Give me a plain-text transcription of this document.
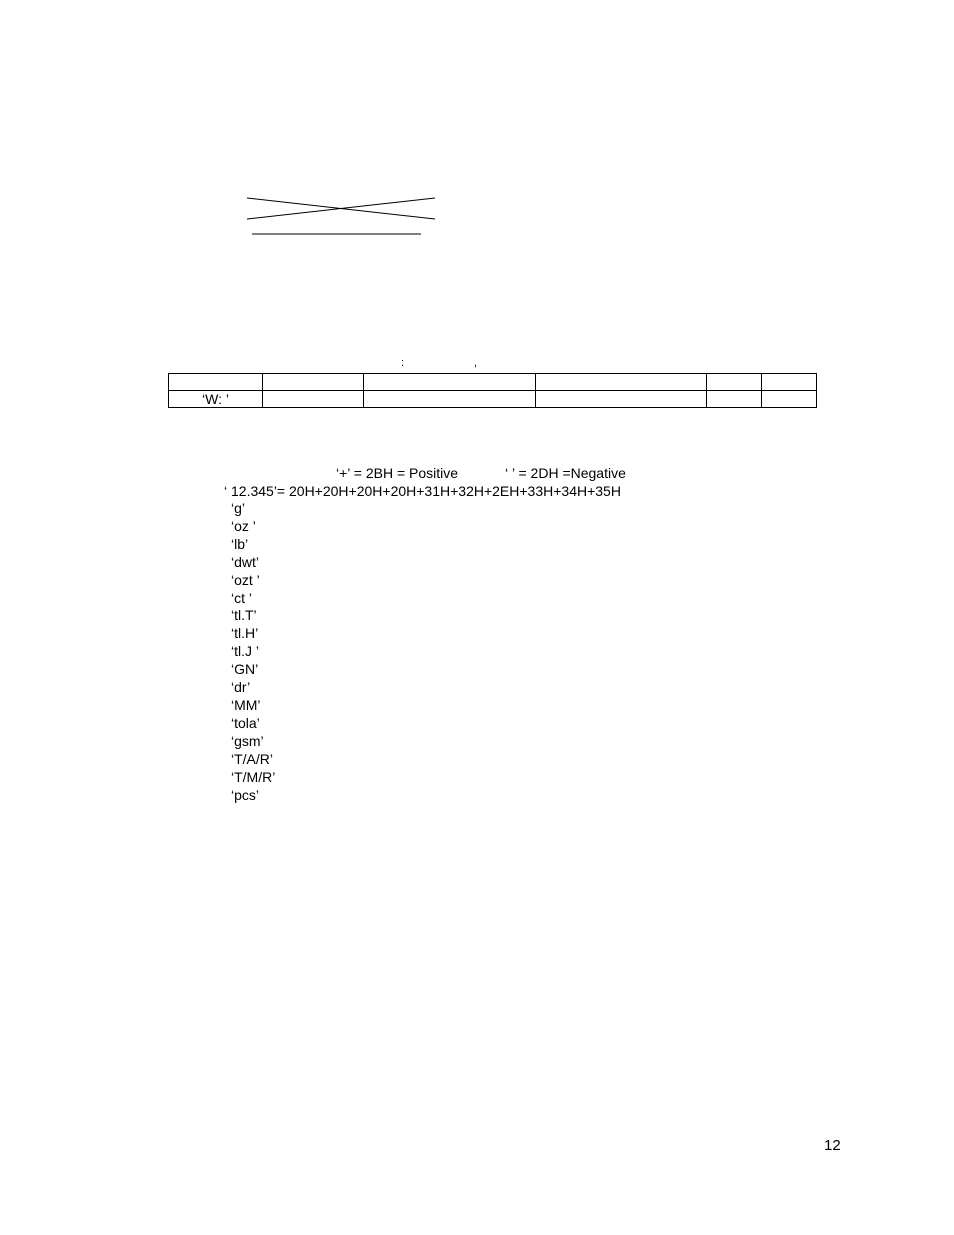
:	,

‘W: ’					
‘+’ = 2BH = Positive	‘ ’ = 2DH =Negative
‘ 12.345’= 20H+20H+20H+20H+31H+32H+2EH+33H+34H+35H
‘g’
‘oz ’
‘lb’
‘dwt’
‘ozt ’
‘ct ’
‘tl.T’
‘tl.H’
‘tl.J ’
‘GN’
‘dr’
‘MM’
‘tola’
‘gsm’
‘T/A/R’
‘T/M/R’
‘pcs’
12
